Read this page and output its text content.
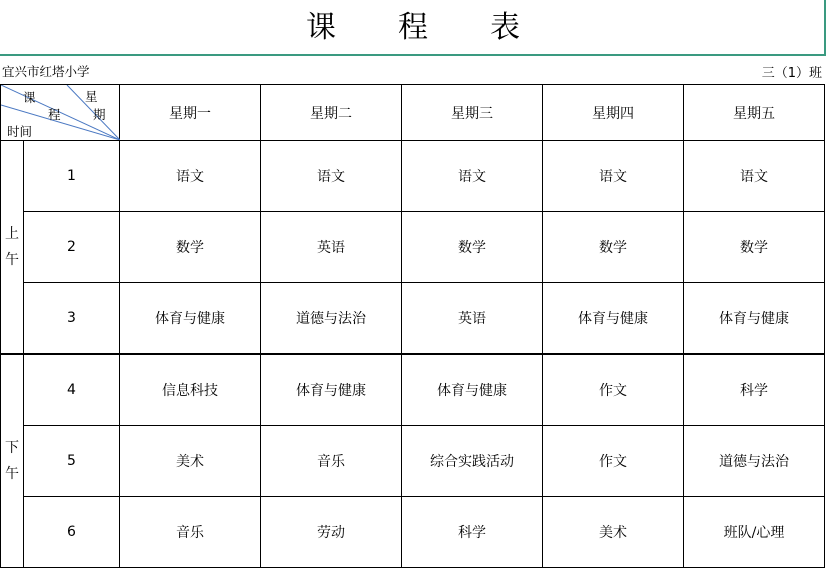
课程表
宜兴市红塔小学	三（1）班
课
程
星
期
时间		星期一	星期二	星期三	星期四	星期五
上午	1	语文	语文	语文	语文	语文
	2	数学	英语	数学	数学	数学
	3	体育与健康	道德与法治	英语	体育与健康	体育与健康
下午	4	信息科技	体育与健康	体育与健康	作文	科学
	5	美术	音乐	综合实践活动	作文	道德与法治
	6	音乐	劳动	科学	美术	班队/心理
